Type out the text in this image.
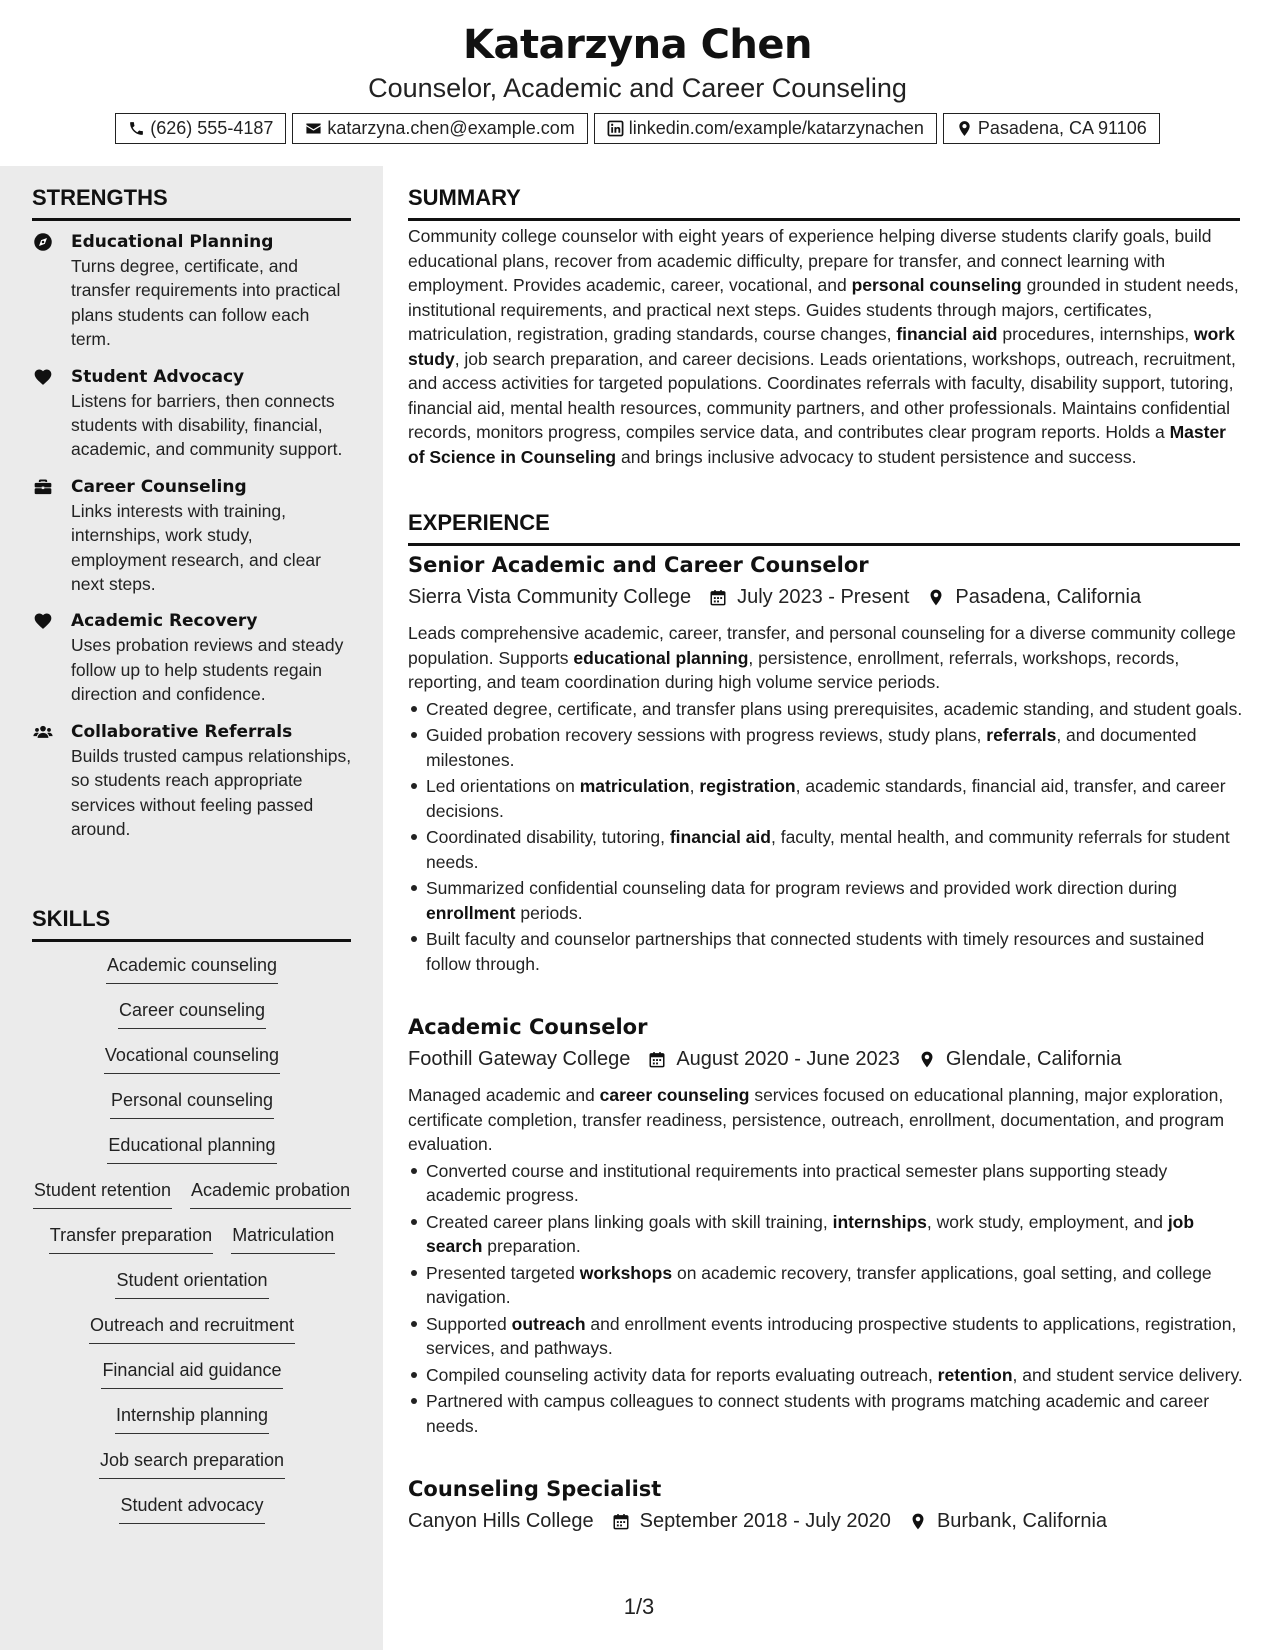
Katarzyna Chen
Counselor, Academic and Career Counseling
(626) 555-4187	katarzyna.chen@example.com	linkedin.com/example/katarzynachen	Pasadena, CA 91106
STRENGTHS
Educational Planning
Turns degree, certificate, and transfer requirements into practical plans students can follow each term.
Student Advocacy
Listens for barriers, then connects students with disability, financial, academic, and community support.
Career Counseling
Links interests with training, internships, work study, employment research, and clear next steps.
Academic Recovery
Uses probation reviews and steady follow up to help students regain direction and confidence.
Collaborative Referrals
Builds trusted campus relationships, so students reach appropriate services without feeling passed around.
SKILLS
Academic counseling
Career counseling
Vocational counseling
Personal counseling
Educational planning
Student retention Academic probation
Transfer preparation Matriculation
Student orientation
Outreach and recruitment
Financial aid guidance
Internship planning
Job search preparation
Student advocacy
SUMMARY
Community college counselor with eight years of experience helping diverse students clarify goals, build educational plans, recover from academic difficulty, prepare for transfer, and connect learning with employment. Provides academic, career, vocational, and personal counseling grounded in student needs, institutional requirements, and practical next steps. Guides students through majors, certificates, matriculation, registration, grading standards, course changes, financial aid procedures, internships, work study, job search preparation, and career decisions. Leads orientations, workshops, outreach, recruitment, and access activities for targeted populations. Coordinates referrals with faculty, disability support, tutoring, financial aid, mental health resources, community partners, and other professionals. Maintains confidential records, monitors progress, compiles service data, and contributes clear program reports. Holds a Master of Science in Counseling and brings inclusive advocacy to student persistence and success.
EXPERIENCE
Senior Academic and Career Counselor
Sierra Vista Community College July 2023 - Present Pasadena, California
Leads comprehensive academic, career, transfer, and personal counseling for a diverse community college population. Supports educational planning, persistence, enrollment, referrals, workshops, records, reporting, and team coordination during high volume service periods.
Created degree, certificate, and transfer plans using prerequisites, academic standing, and student goals.
Guided probation recovery sessions with progress reviews, study plans, referrals, and documented milestones.
Led orientations on matriculation, registration, academic standards, financial aid, transfer, and career decisions.
Coordinated disability, tutoring, financial aid, faculty, mental health, and community referrals for student needs.
Summarized confidential counseling data for program reviews and provided work direction during enrollment periods.
Built faculty and counselor partnerships that connected students with timely resources and sustained follow through.
Academic Counselor
Foothill Gateway College August 2020 - June 2023 Glendale, California
Managed academic and career counseling services focused on educational planning, major exploration, certificate completion, transfer readiness, persistence, outreach, enrollment, documentation, and program evaluation.
Converted course and institutional requirements into practical semester plans supporting steady academic progress.
Created career plans linking goals with skill training, internships, work study, employment, and job search preparation.
Presented targeted workshops on academic recovery, transfer applications, goal setting, and college navigation.
Supported outreach and enrollment events introducing prospective students to applications, registration, services, and pathways.
Compiled counseling activity data for reports evaluating outreach, retention, and student service delivery.
Partnered with campus colleagues to connect students with programs matching academic and career needs.
Counseling Specialist
Canyon Hills College September 2018 - July 2020 Burbank, California
1/3
